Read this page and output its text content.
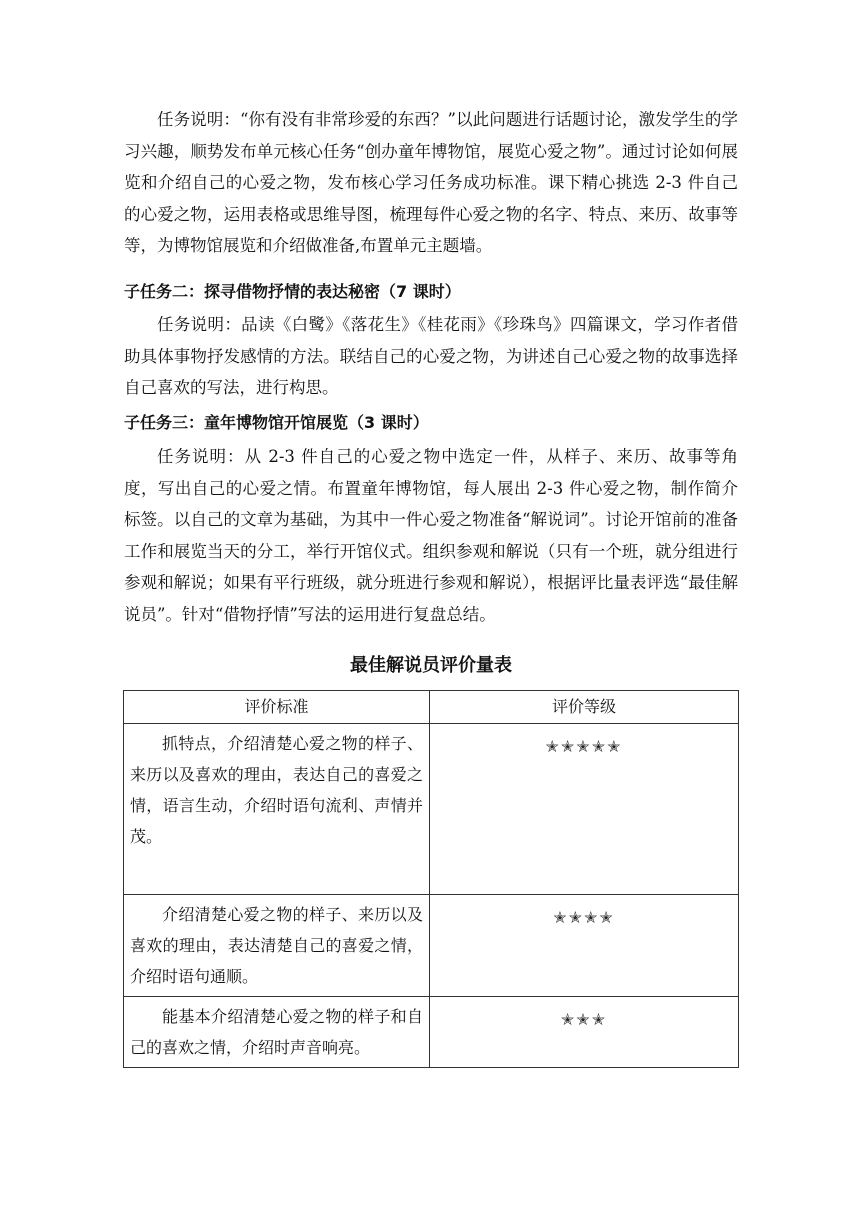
任务说明：“你有没有非常珍爱的东西？”以此问题进行话题讨论，激发学生的学习兴趣，顺势发布单元核心任务“创办童年博物馆，展览心爱之物”。通过讨论如何展览和介绍自己的心爱之物，发布核心学习任务成功标准。课下精心挑选 2-3 件自己的心爱之物，运用表格或思维导图，梳理每件心爱之物的名字、特点、来历、故事等等，为博物馆展览和介绍做准备,布置单元主题墙。

子任务二：探寻借物抒情的表达秘密（7 课时）

任务说明：品读《白鹭》《落花生》《桂花雨》《珍珠鸟》四篇课文，学习作者借助具体事物抒发感情的方法。联结自己的心爱之物，为讲述自己心爱之物的故事选择自己喜欢的写法，进行构思。

子任务三：童年博物馆开馆展览（3 课时）

任务说明：从 2-3 件自己的心爱之物中选定一件，从样子、来历、故事等角度，写出自己的心爱之情。布置童年博物馆，每人展出 2-3 件心爱之物，制作简介标签。以自己的文章为基础，为其中一件心爱之物准备“解说词”。讨论开馆前的准备工作和展览当天的分工，举行开馆仪式。组织参观和解说（只有一个班，就分组进行参观和解说；如果有平行班级，就分班进行参观和解说），根据评比量表评选“最佳解说员”。针对“借物抒情”写法的运用进行复盘总结。

最佳解说员评价量表

评价标准	评价等级
抓特点，介绍清楚心爱之物的样子、来历以及喜欢的理由，表达自己的喜爱之情，语言生动，介绍时语句流利、声情并茂。	✭✭✭✭✭
介绍清楚心爱之物的样子、来历以及喜欢的理由，表达清楚自己的喜爱之情，介绍时语句通顺。	✭✭✭✭
能基本介绍清楚心爱之物的样子和自己的喜欢之情，介绍时声音响亮。	✭✭✭
